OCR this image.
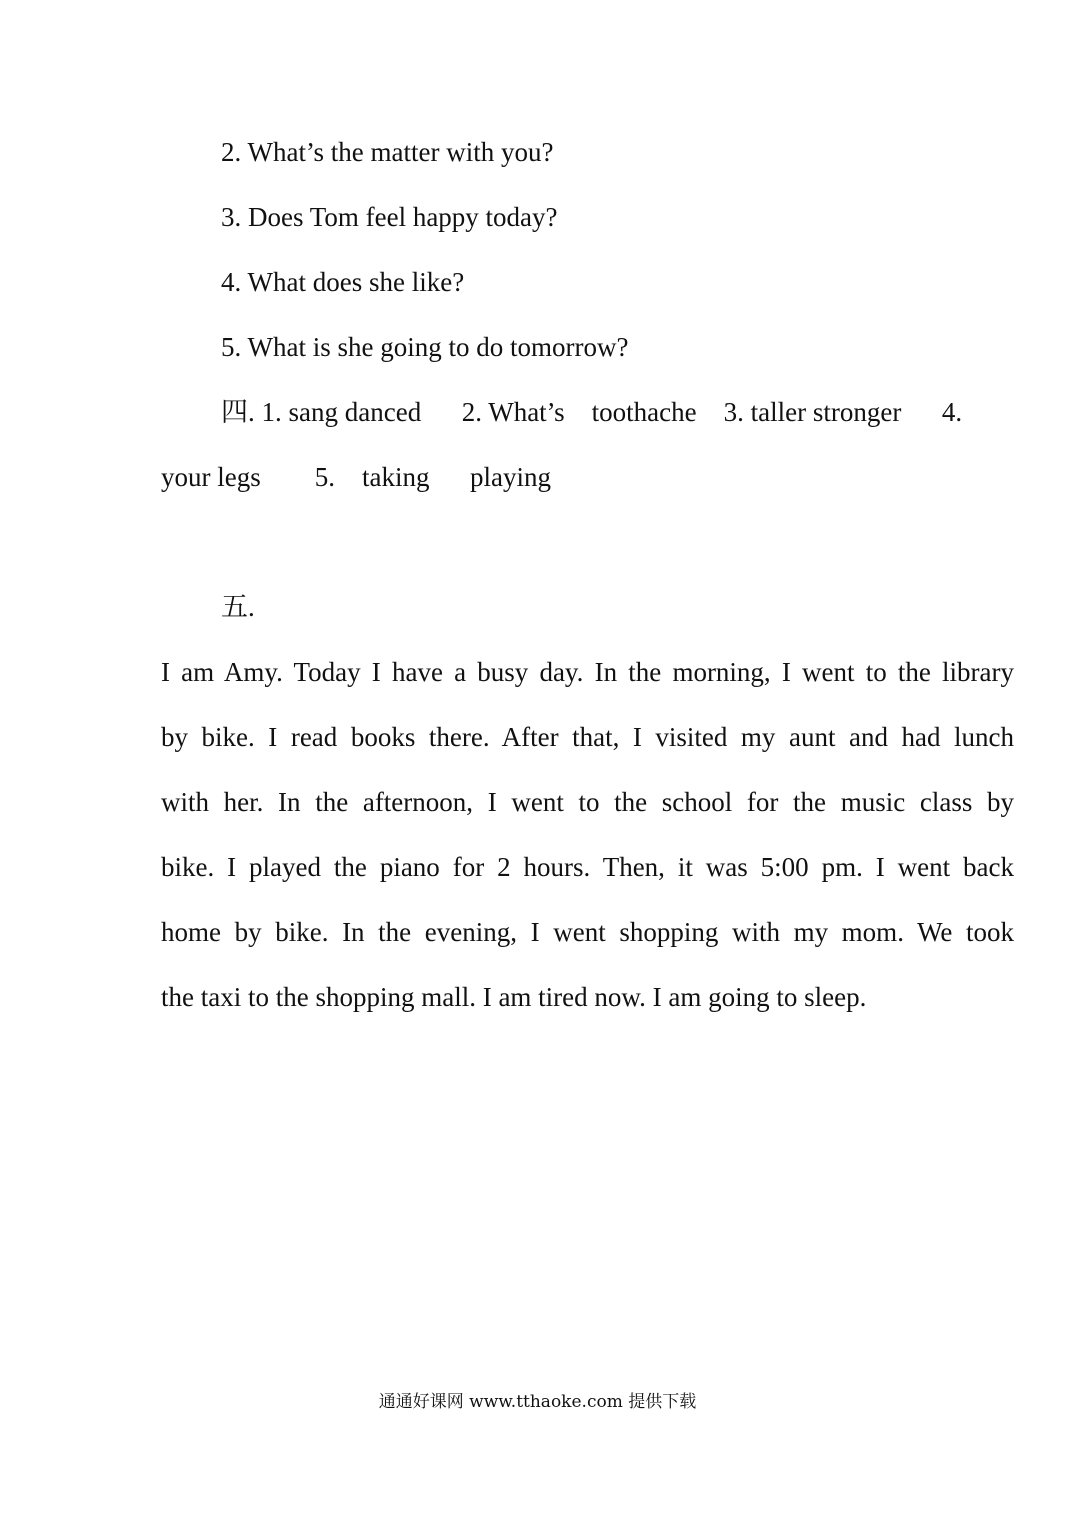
2. What’s the matter with you?
3. Does Tom feel happy today?
4. What does she like?
5. What is she going to do tomorrow?
四. 1. sang danced      2. What’s    toothache    3. taller stronger      4.
your legs        5.    taking      playing
五.
I am Amy. Today I have a busy day. In the morning, I went to the library
by bike. I read books there. After that, I visited my aunt and had lunch
with her. In the afternoon, I went to the school for the music class by
bike. I played the piano for 2 hours. Then, it was 5:00 pm. I went back
home by bike. In the evening, I went shopping with my mom. We took
the taxi to the shopping mall. I am tired now. I am going to sleep.
通通好课网 www.tthaoke.com 提供下载
